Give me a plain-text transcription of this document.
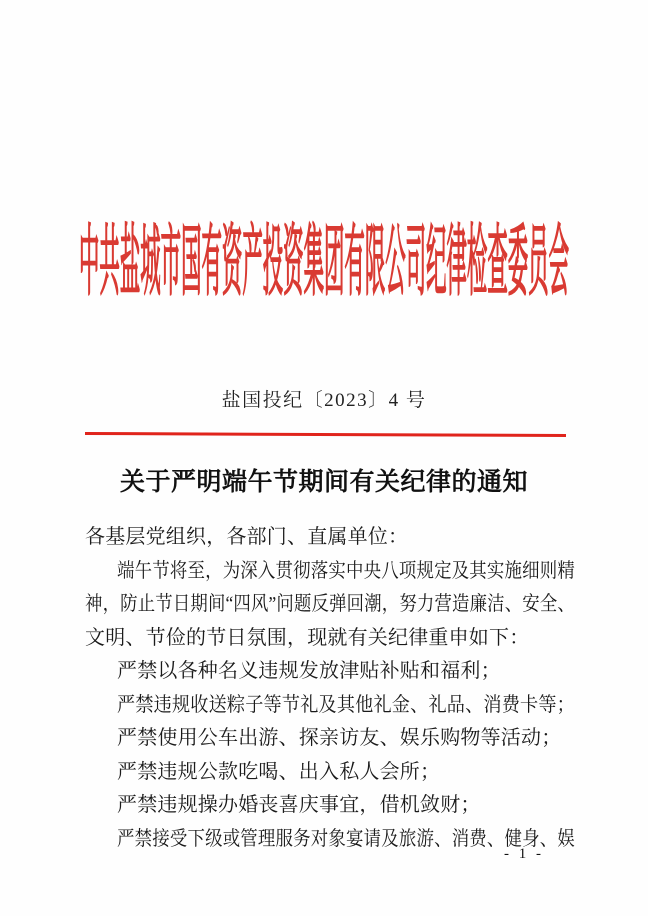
中共盐城市国有资产投资集团有限公司纪律检查委员会
盐国投纪〔2023〕4 号
关于严明端午节期间有关纪律的通知
各基层党组织，各部门、直属单位：
端午节将至，为深入贯彻落实中央八项规定及其实施细则精
神，防止节日期间“四风”问题反弹回潮，努力营造廉洁、安全、
文明、节俭的节日氛围，现就有关纪律重申如下：
严禁以各种名义违规发放津贴补贴和福利；
严禁违规收送粽子等节礼及其他礼金、礼品、消费卡等；
严禁使用公车出游、探亲访友、娱乐购物等活动；
严禁违规公款吃喝、出入私人会所；
严禁违规操办婚丧喜庆事宜，借机敛财；
严禁接受下级或管理服务对象宴请及旅游、消费、健身、娱
- 1 -
